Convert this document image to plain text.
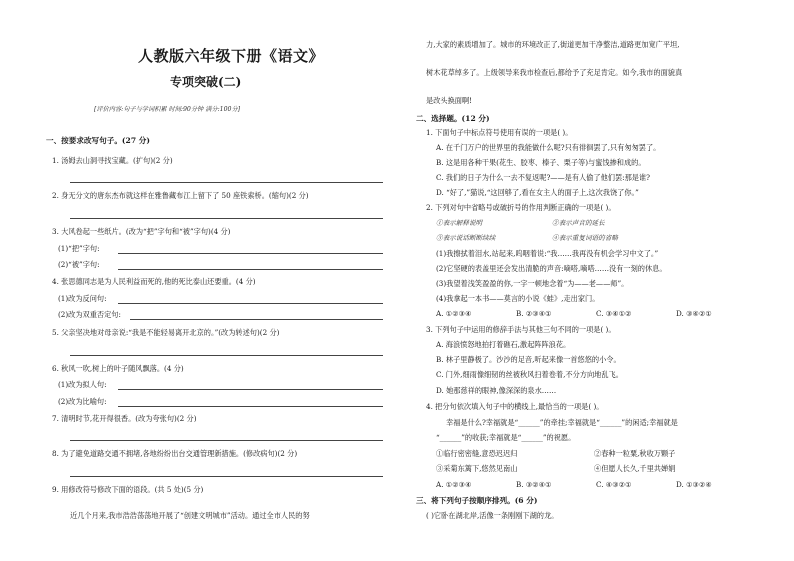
人教版六年级下册《语文》
专项突破(二)
[评价内容:句子与学词积累 时间:90分钟 满分:100分]
一、按要求改写句子。(27 分)
1. 汤姆去山洞寻找宝藏。(扩句)(2 分)
2. 身无分文的唐东杰布就这样在雅鲁藏布江上留下了 50 座铁索桥。(缩句)(2 分)
3. 大风卷起一些纸片。(改为“把”字句和“被”字句)(4 分)
(1)“把”字句:
(2)“被”字句:
4. 张思德同志是为人民利益而死的,他的死比泰山还要重。(4 分)
(1)改为反问句:
(2)改为双重否定句:
5. 父亲坚决地对母亲说:“我是不能轻易离开北京的。”(改为转述句)(2 分)
6. 秋风一吹,树上的叶子随风飘落。(4 分)
(1)改为拟人句:
(2)改为比喻句:
7. 清明时节,花开得很香。(改为夸张句)(2 分)
8. 为了避免道路交通不拥堵,各地纷纷出台交通管理新措施。(修改病句)(2 分)
9. 用修改符号修改下面的语段。(共 5 处)(5 分)
近几个月来,我市浩浩荡荡地开展了“创建文明城市”活动。通过全市人民的努
力,大家的素质增加了。城市的环境改正了,街道更加干净整洁,道路更加宽广平坦,
树木花草绰多了。上级领导来我市检查后,都给予了充足肯定。如今,我市的面貌真
是改头换面啊!
二、选择题。(12 分)
1. 下面句子中标点符号使用有误的一项是( )。
A. 在千门万户的世界里的我能做什么呢?只有徘徊罢了,只有匆匆罢了。
B. 这是用各种干果(花生、胶枣、榛子、栗子等)与蜜饯掺和成的。
C. 我们的日子为什么一去不复返呢?——是有人偷了他们罢:那是谁?
D. “好了,”猫说,“这回够了,看在女主人的面子上,这次我饶了你。”
2. 下列对句中省略号或破折号的作用判断正确的一项是( )。
①表示解释说明	②表示声音的延长
③表示说话断断续续	④表示重复词语的省略
(1)我擦拭着泪水,站起来,呜咽着说:“我……我再没有机会学习中文了。”
(2)它坚硬的表盖里还会发出清脆的声音:嘀嗒,嘀嗒……没有一刻的休息。
(3)我望着浅笑盈盈的你,一字一顿地念着“为——老——师”。
(4)我拿起一本书——莫言的小说《蛙》,走出家门。
A. ①②③④	B. ②③④①	C. ③④①②	D. ③④②①
3. 下列句子中运用的修辞手法与其他三句不同的一项是( )。
A. 海浪愤怒地拍打着礁石,激起阵阵浪花。
B. 林子里静极了。沙沙的足音,听起来像一首悠悠的小令。
C. 门外,细雨像细韧的丝被秋风扫着卷着,不分方向地乱飞。
D. 她那慈祥的眼神,像深深的泉水……
4. 把分句依次填入句子中的横线上,最恰当的一项是( )。
幸福是什么?幸福就是“______”的牵挂;幸福就是“______”的闲适;幸福就是
“______”的收获;幸福就是“______”的祝愿。
①临行密密缝,意恐迟迟归	②春种一粒粟,秋收万颗子
③采菊东篱下,悠然见南山	④但愿人长久,千里共婵娟
A. ①②③④	B. ③②④①	C. ④③②①	D. ①③②④
三、将下列句子按顺序排列。(6 分)
( )它卧在湖北岸,活像一条刚刚下湖的龙。
